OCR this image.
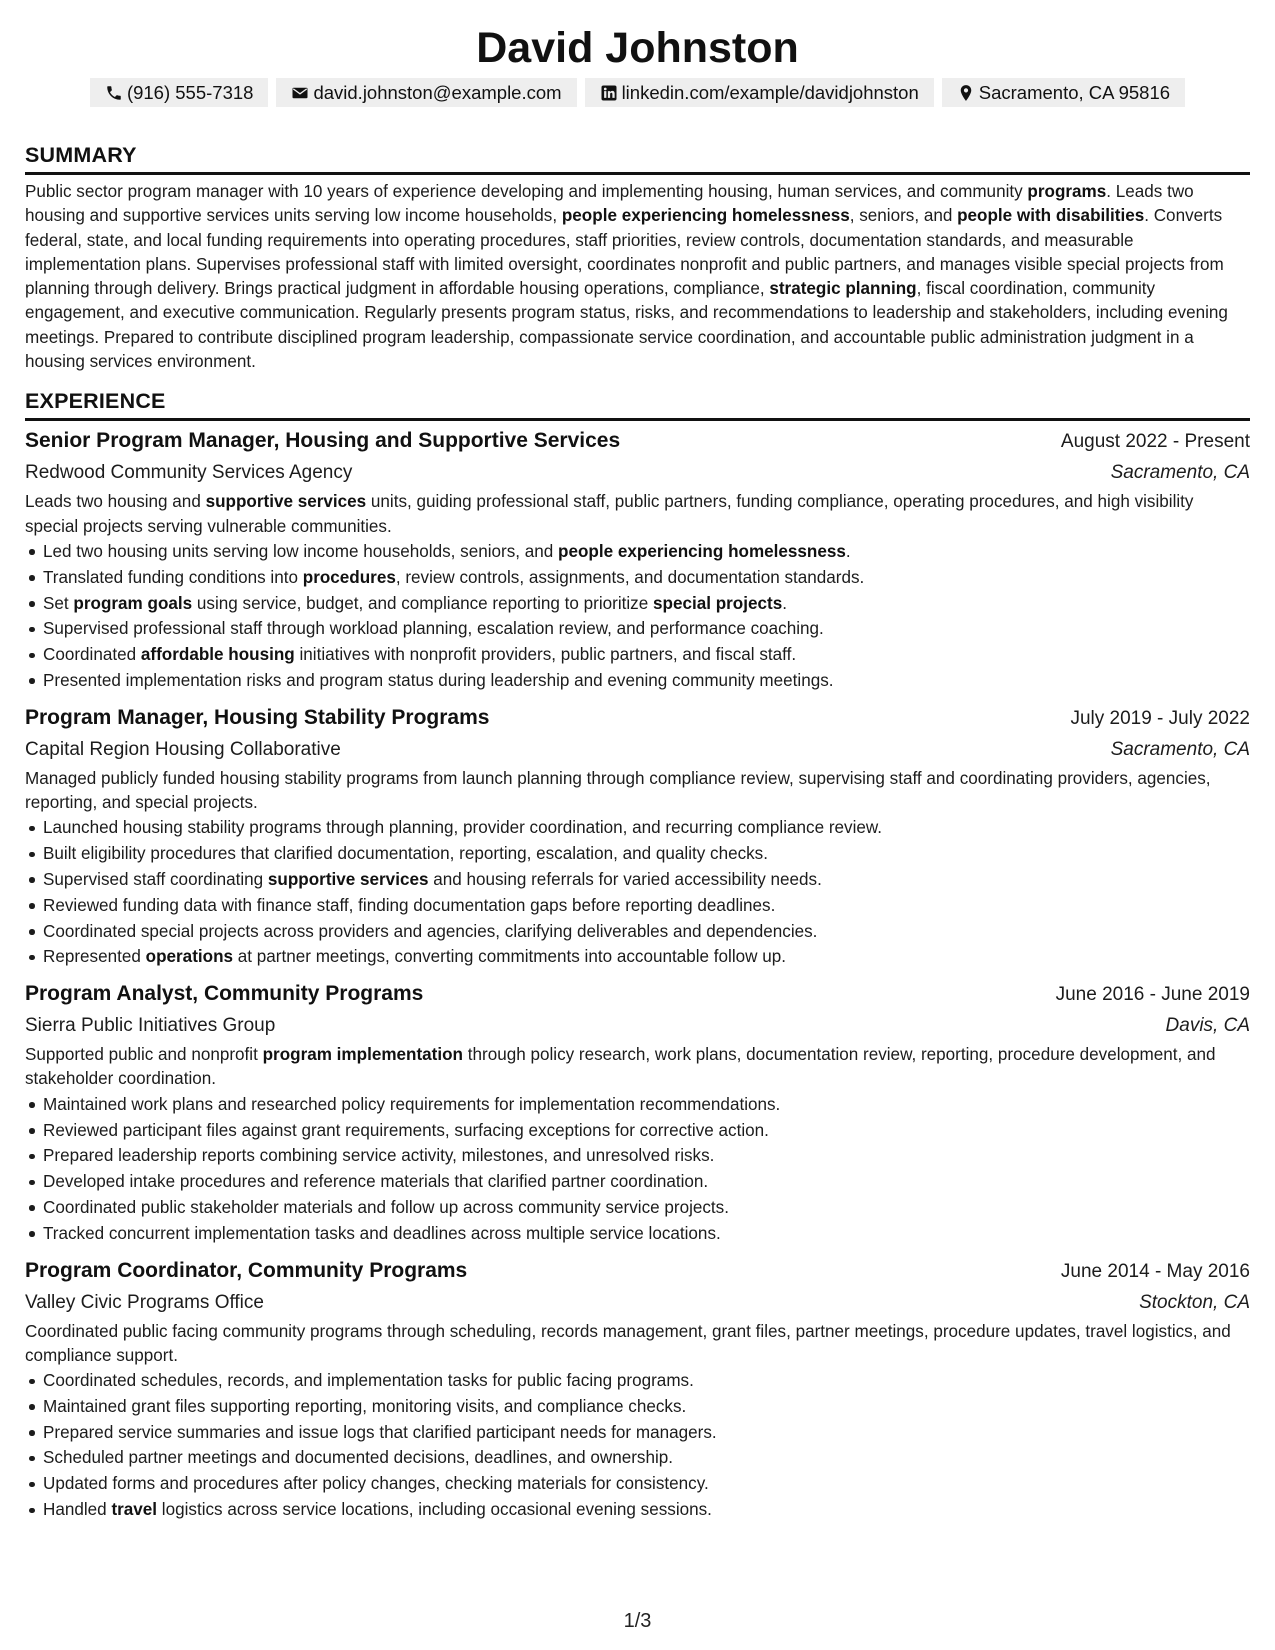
David Johnston
(916) 555-7318	david.johnston@example.com	linkedin.com/example/davidjohnston	Sacramento, CA 95816
SUMMARY

Public sector program manager with 10 years of experience developing and implementing housing, human services, and community programs. Leads two housing and supportive services units serving low income households, people experiencing homelessness, seniors, and people with disabilities. Converts federal, state, and local funding requirements into operating procedures, staff priorities, review controls, documentation standards, and measurable implementation plans. Supervises professional staff with limited oversight, coordinates nonprofit and public partners, and manages visible special projects from planning through delivery. Brings practical judgment in affordable housing operations, compliance, strategic planning, fiscal coordination, community engagement, and executive communication. Regularly presents program status, risks, and recommendations to leadership and stakeholders, including evening meetings. Prepared to contribute disciplined program leadership, compassionate service coordination, and accountable public administration judgment in a housing services environment.

EXPERIENCE
Senior Program Manager, Housing and Supportive Services	August 2022 - Present
Redwood Community Services Agency	Sacramento, CA

Leads two housing and supportive services units, guiding professional staff, public partners, funding compliance, operating procedures, and high visibility special projects serving vulnerable communities.

Led two housing units serving low income households, seniors, and people experiencing homelessness.
Translated funding conditions into procedures, review controls, assignments, and documentation standards.
Set program goals using service, budget, and compliance reporting to prioritize special projects.
Supervised professional staff through workload planning, escalation review, and performance coaching.
Coordinated affordable housing initiatives with nonprofit providers, public partners, and fiscal staff.
Presented implementation risks and program status during leadership and evening community meetings.
Program Manager, Housing Stability Programs	July 2019 - July 2022
Capital Region Housing Collaborative	Sacramento, CA

Managed publicly funded housing stability programs from launch planning through compliance review, supervising staff and coordinating providers, agencies, reporting, and special projects.

Launched housing stability programs through planning, provider coordination, and recurring compliance review.
Built eligibility procedures that clarified documentation, reporting, escalation, and quality checks.
Supervised staff coordinating supportive services and housing referrals for varied accessibility needs.
Reviewed funding data with finance staff, finding documentation gaps before reporting deadlines.
Coordinated special projects across providers and agencies, clarifying deliverables and dependencies.
Represented operations at partner meetings, converting commitments into accountable follow up.
Program Analyst, Community Programs	June 2016 - June 2019
Sierra Public Initiatives Group	Davis, CA

Supported public and nonprofit program implementation through policy research, work plans, documentation review, reporting, procedure development, and stakeholder coordination.

Maintained work plans and researched policy requirements for implementation recommendations.
Reviewed participant files against grant requirements, surfacing exceptions for corrective action.
Prepared leadership reports combining service activity, milestones, and unresolved risks.
Developed intake procedures and reference materials that clarified partner coordination.
Coordinated public stakeholder materials and follow up across community service projects.
Tracked concurrent implementation tasks and deadlines across multiple service locations.
Program Coordinator, Community Programs	June 2014 - May 2016
Valley Civic Programs Office	Stockton, CA

Coordinated public facing community programs through scheduling, records management, grant files, partner meetings, procedure updates, travel logistics, and compliance support.

Coordinated schedules, records, and implementation tasks for public facing programs.
Maintained grant files supporting reporting, monitoring visits, and compliance checks.
Prepared service summaries and issue logs that clarified participant needs for managers.
Scheduled partner meetings and documented decisions, deadlines, and ownership.
Updated forms and procedures after policy changes, checking materials for consistency.
Handled travel logistics across service locations, including occasional evening sessions.
1/3
